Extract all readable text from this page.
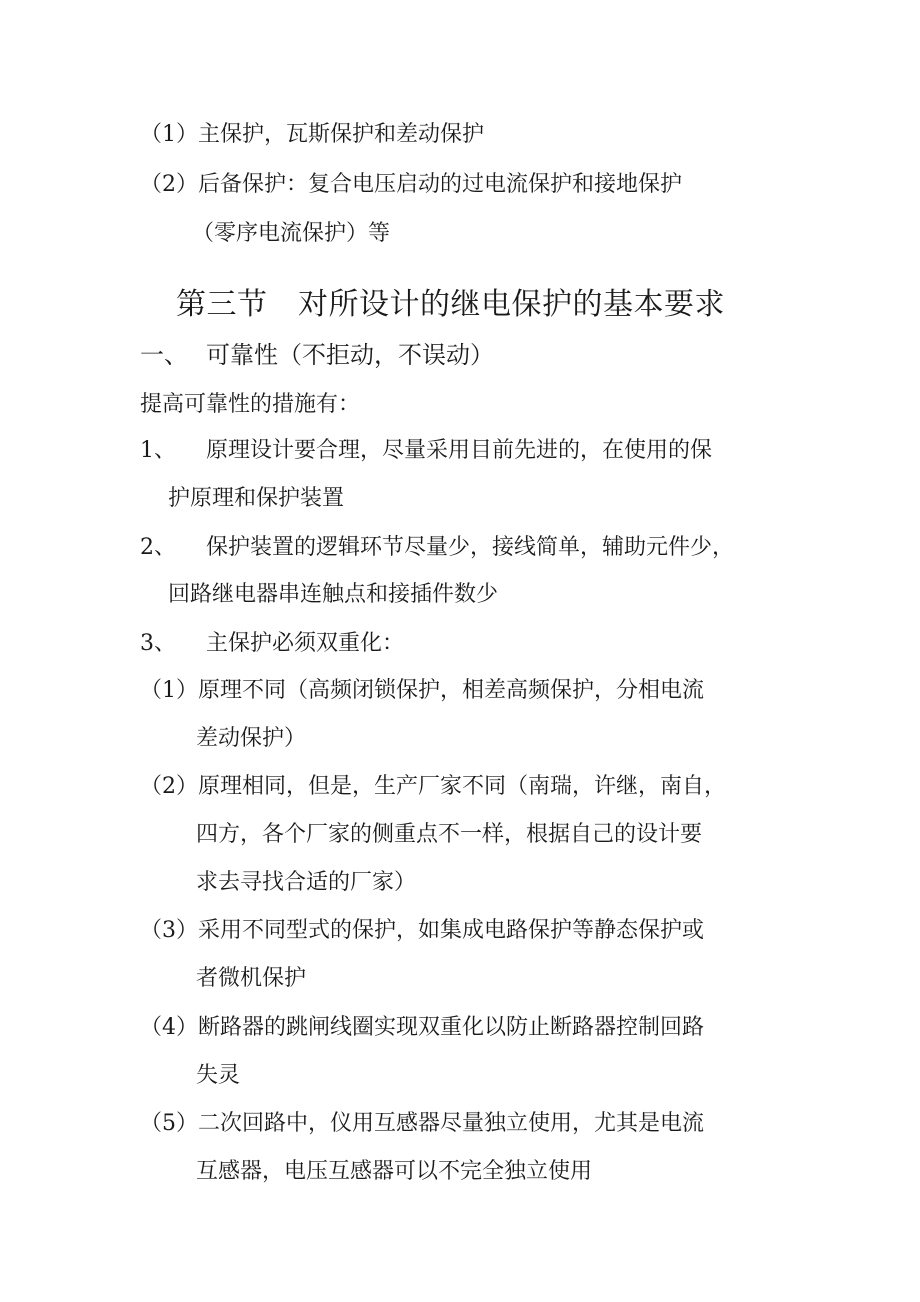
（1）主保护，瓦斯保护和差动保护
（2）后备保护：复合电压启动的过电流保护和接地保护
（零序电流保护）等
第三节　对所设计的继电保护的基本要求
一、 可靠性（不拒动，不误动）
提高可靠性的措施有：
1、 原理设计要合理，尽量采用目前先进的，在使用的保
护原理和保护装置
2、 保护装置的逻辑环节尽量少，接线简单，辅助元件少，
回路继电器串连触点和接插件数少
3、 主保护必须双重化：
（1）原理不同（高频闭锁保护，相差高频保护，分相电流
差动保护）
（2）原理相同，但是，生产厂家不同（南瑞，许继，南自，
四方，各个厂家的侧重点不一样，根据自己的设计要
求去寻找合适的厂家）
（3）采用不同型式的保护，如集成电路保护等静态保护或
者微机保护
（4）断路器的跳闸线圈实现双重化以防止断路器控制回路
失灵
（5）二次回路中，仪用互感器尽量独立使用，尤其是电流
互感器，电压互感器可以不完全独立使用
